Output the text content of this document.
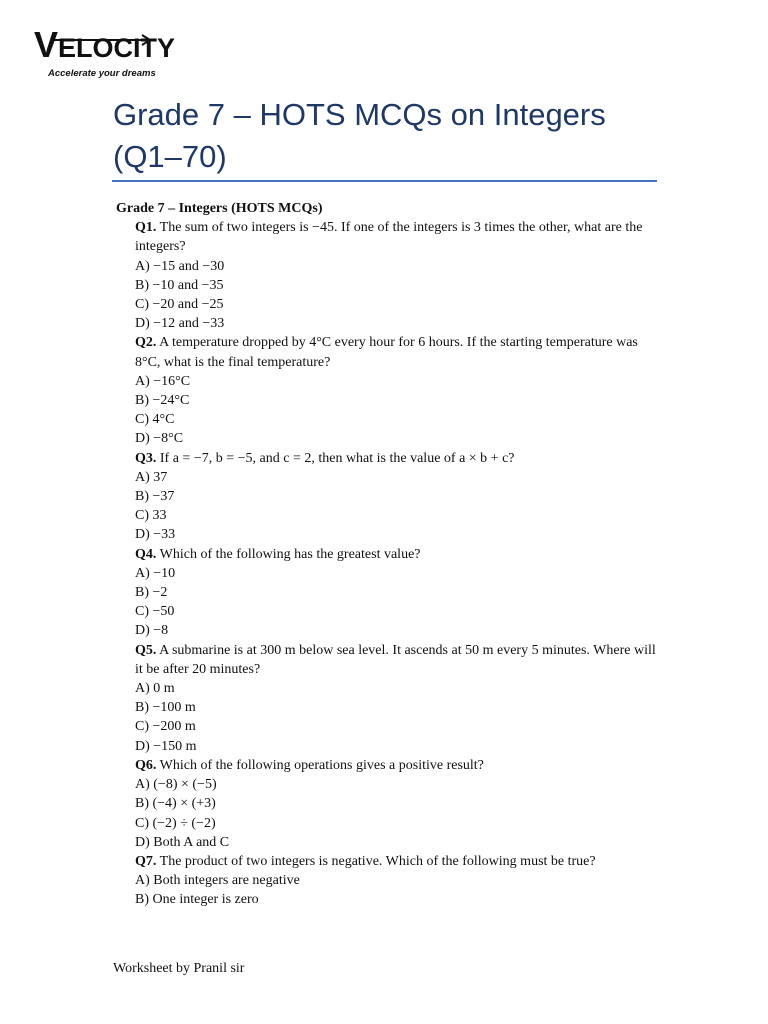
VELOCITY
Accelerate your dreams
Grade 7 – HOTS MCQs on Integers
(Q1–70)
Grade 7 – Integers (HOTS MCQs)

Q1. The sum of two integers is −45. If one of the integers is 3 times the other, what are the integers?

A) −15 and −30

B) −10 and −35

C) −20 and −25

D) −12 and −33

Q2. A temperature dropped by 4°C every hour for 6 hours. If the starting temperature was 8°C, what is the final temperature?

A) −16°C

B) −24°C

C) 4°C

D) −8°C

Q3. If a = −7, b = −5, and c = 2, then what is the value of a × b + c?

A) 37

B) −37

C) 33

D) −33

Q4. Which of the following has the greatest value?

A) −10

B) −2

C) −50

D) −8

Q5. A submarine is at 300 m below sea level. It ascends at 50 m every 5 minutes. Where will it be after 20 minutes?

A) 0 m

B) −100 m

C) −200 m

D) −150 m

Q6. Which of the following operations gives a positive result?

A) (−8) × (−5)

B) (−4) × (+3)

C) (−2) ÷ (−2)

D) Both A and C

Q7. The product of two integers is negative. Which of the following must be true?

A) Both integers are negative

B) One integer is zero

Worksheet by Pranil sir
